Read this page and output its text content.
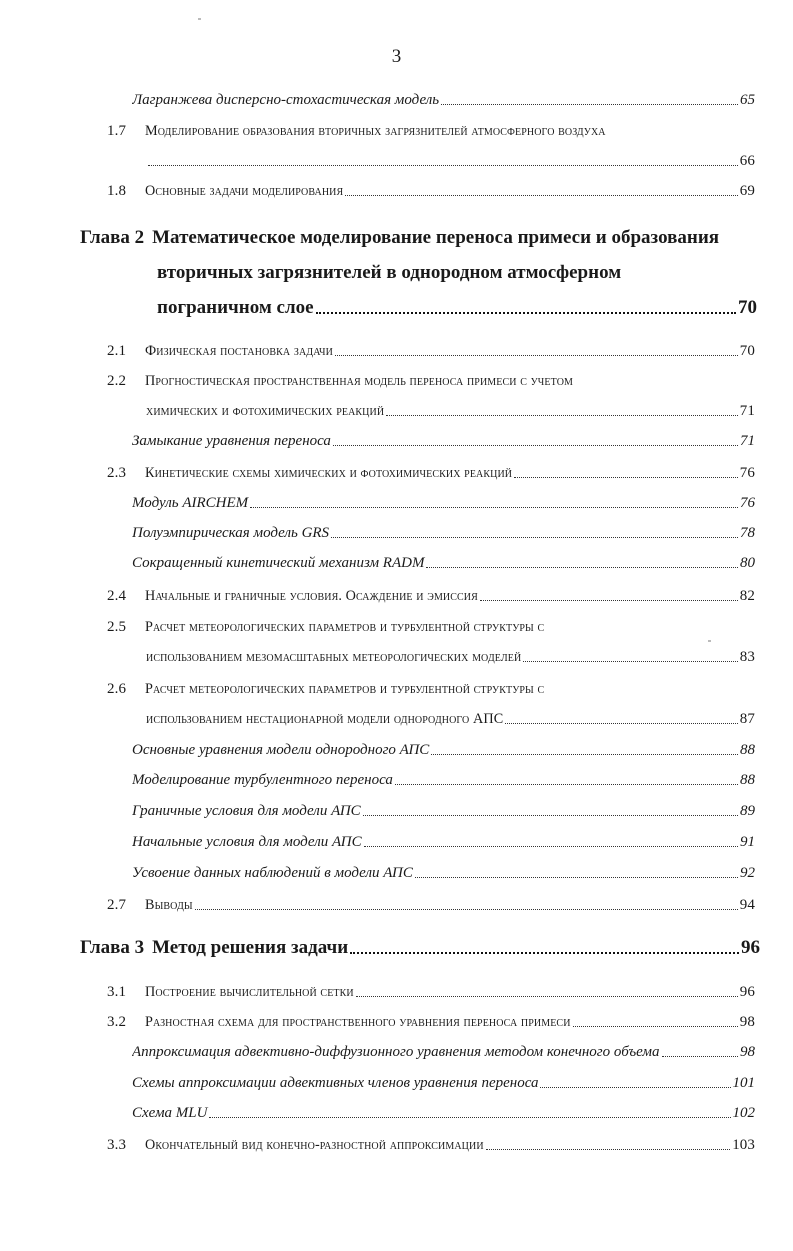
3
Лагранжева дисперсно-стохастическая модель	65
1.7	Моделирование образования вторичных загрязнителей атмосферного воздуха
66
1.8	Основные задачи моделирования	69
Глава 2 Математическое моделирование переноса примеси и образования
вторичных загрязнителей в однородном атмосферном
пограничном слое	70
2.1	Физическая постановка задачи	70
2.2	Прогностическая пространственная модель переноса примеси с учетом
химических и фотохимических реакций	71
Замыкание уравнения переноса	71
2.3	Кинетические схемы химических и фотохимических реакций	76
Модуль AIRCHEM	76
Полуэмпирическая модель GRS	78
Сокращенный кинетический механизм RADM	80
2.4	Начальные и граничные условия. Осаждение и эмиссия	82
2.5	Расчет метеорологических параметров и турбулентной структуры с
использованием мезомасштабных метеорологических моделей	83
2.6	Расчет метеорологических параметров и турбулентной структуры с
использованием нестационарной модели однородного АПС	87
Основные уравнения модели однородного АПС	88
Моделирование турбулентного переноса	88
Граничные условия для модели АПС	89
Начальные условия для модели АПС	91
Усвоение данных наблюдений в модели АПС	92
2.7	Выводы	94
Глава 3 Метод решения задачи	96
3.1	Построение вычислительной сетки	96
3.2	Разностная схема для пространственного уравнения переноса примеси	98
Аппроксимация адвективно-диффузионного уравнения методом конечного объема	98
Схемы аппроксимации адвективных членов уравнения переноса	101
Схема MLU	102
3.3	Окончательный вид конечно-разностной аппроксимации	103
